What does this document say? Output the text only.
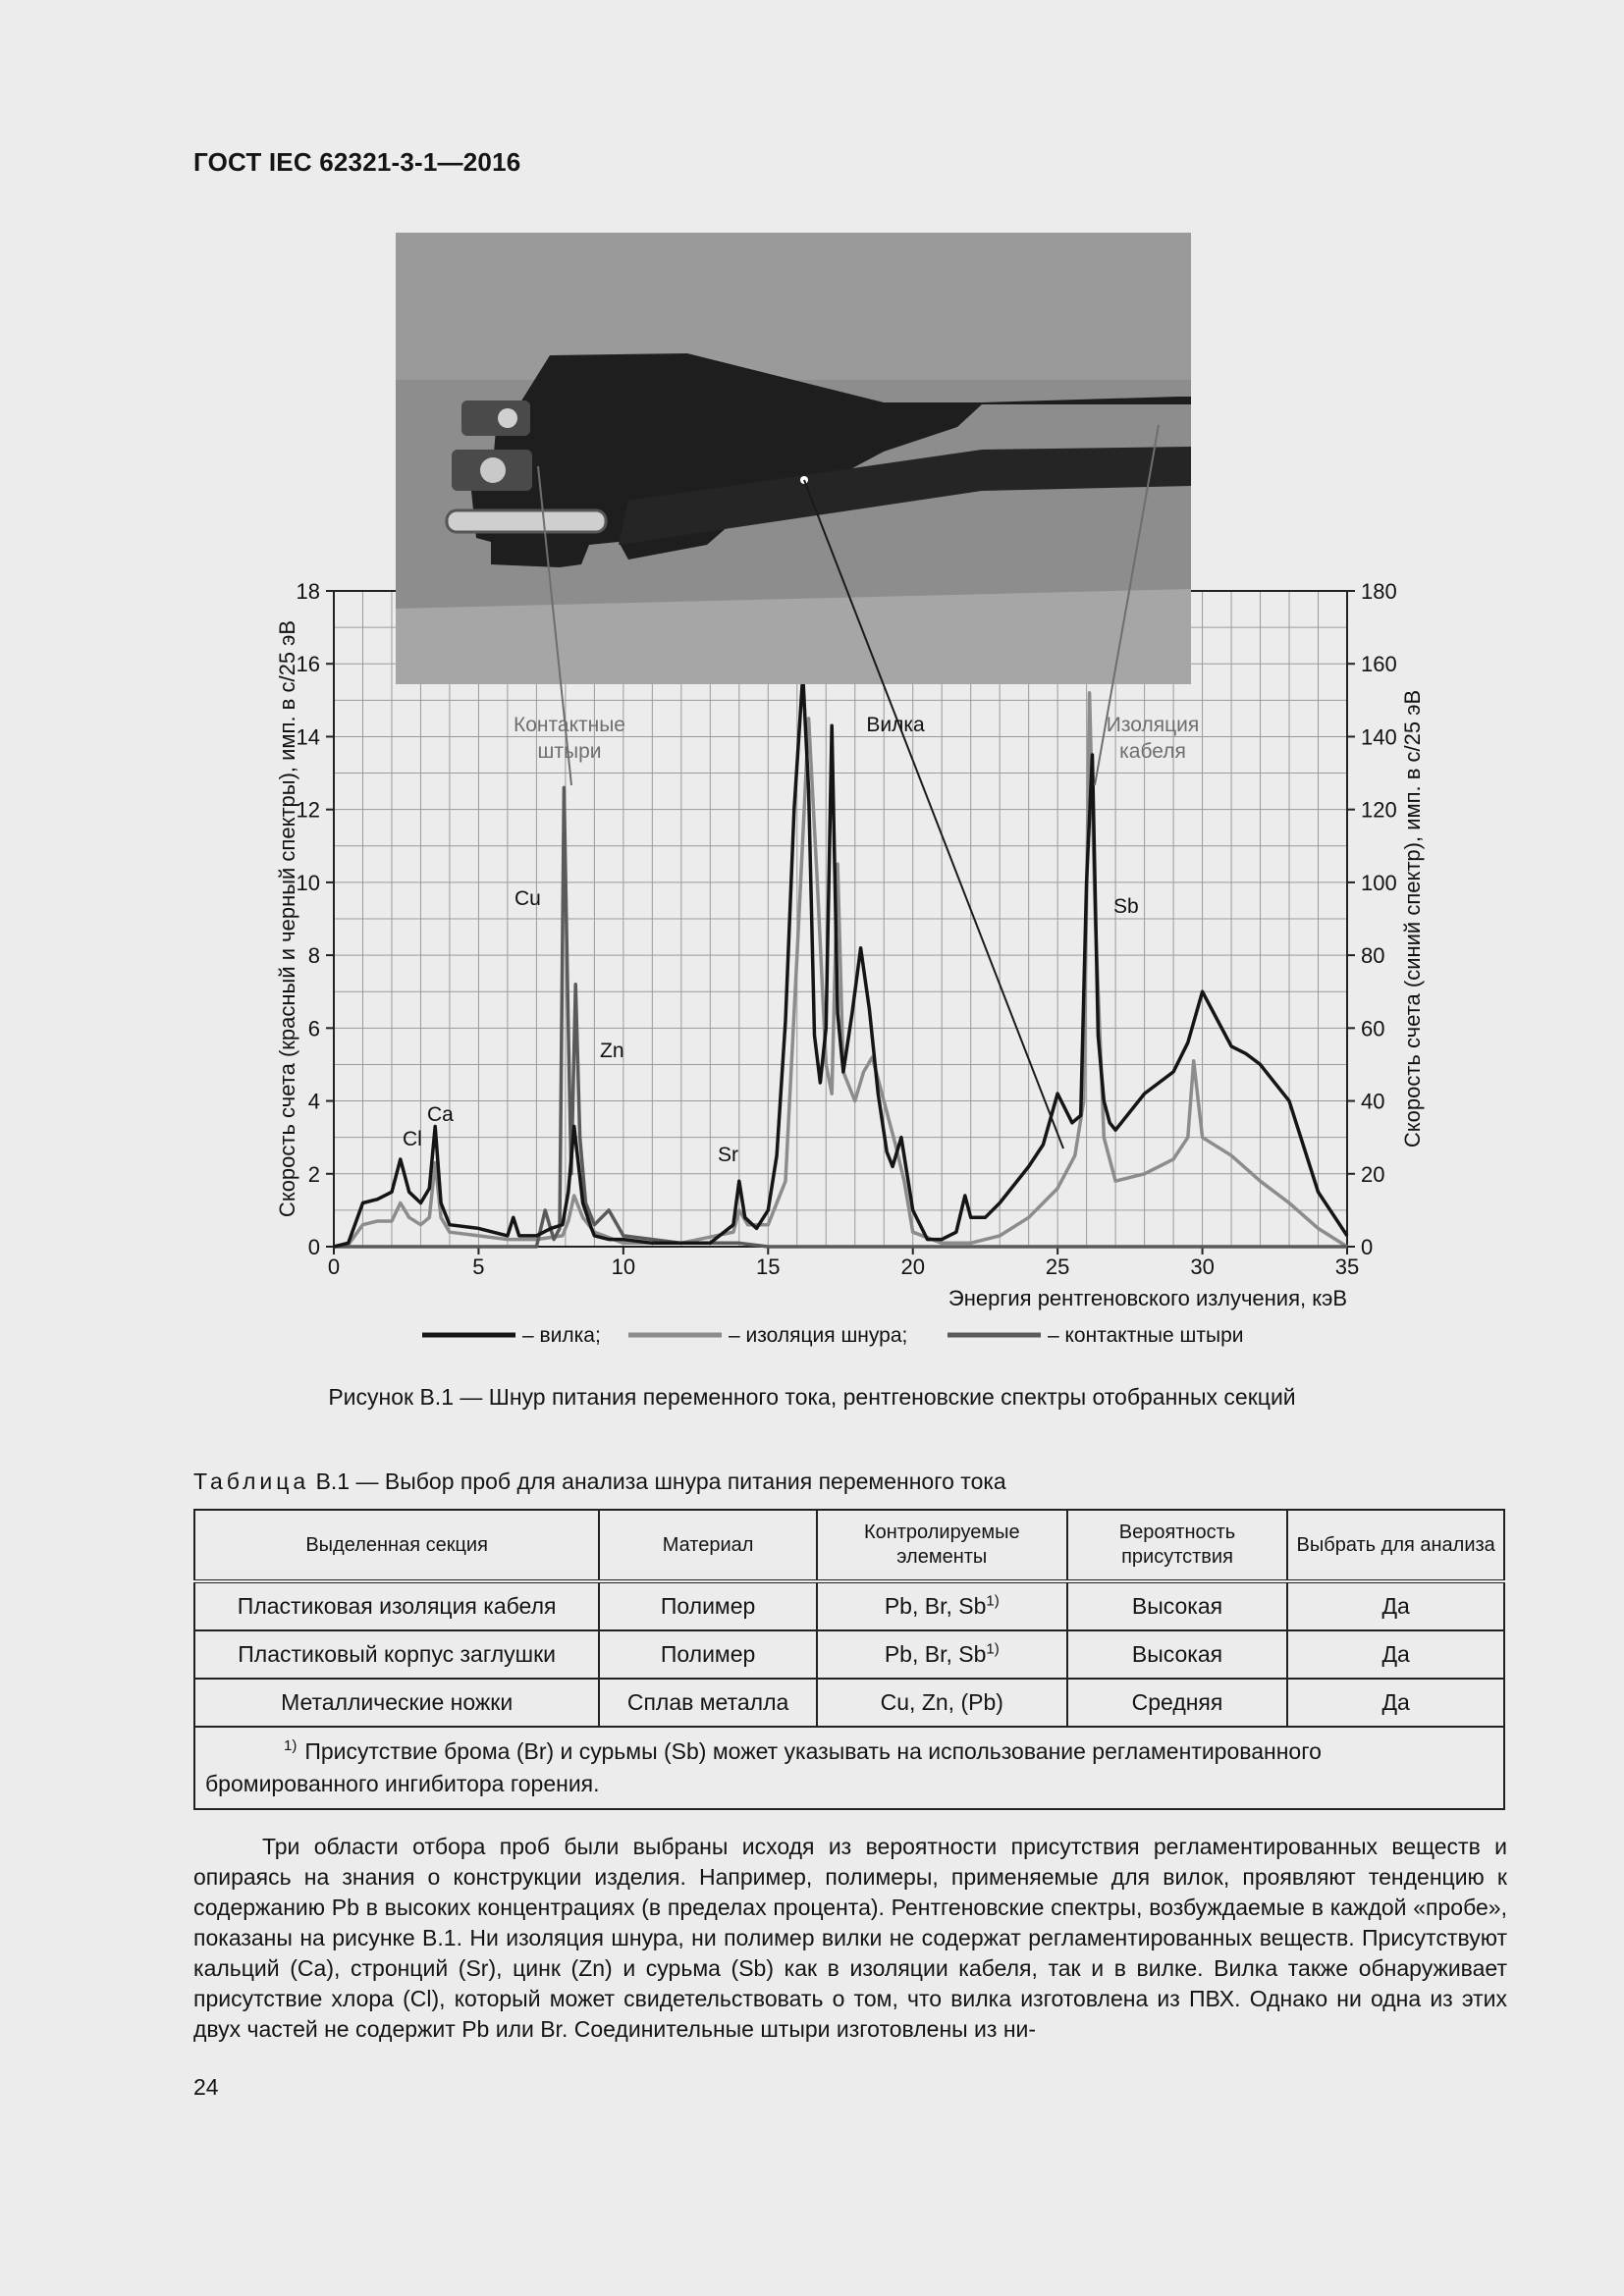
ГОСТ IEC 62321-3-1—2016
0	5	10	15	20	25	30	35
0
2
4
6
8
10
12
14
16
18
0
20
40
60
80
100
120
140
160
180
Контактные
штыри
Вилка	Изоляция
кабеля
Cl
Ca
Cu
Zn
Sr
Sb
Энергия рентгеновского излучения, кэВ
Скорость счета (красный и черный спектры), имп. в с/25 эВ	Скорость счета (синий спектр), имп. в с/25 эВ
– вилка;	– изоляция шнура;	– контактные штыри
Рисунок В.1 — Шнур питания переменного тока, рентгеновские спектры отобранных секций
Таблица В.1 — Выбор проб для анализа шнура питания переменного тока
Выделенная секция	Материал	Контролируемые элементы	Вероятность присутствия	Выбрать для анализа
Пластиковая изоляция кабеля	Полимер	Pb, Br, Sb$^{1)}$	Высокая	Да
Пластиковый корпус заглушки	Полимер	Pb, Br, Sb$^{1)}$	Высокая	Да
Металлические ножки	Сплав металла	Cu, Zn, (Pb)	Средняя	Да
$^{1)}$ Присутствие брома (Br) и сурьмы (Sb) может указывать на использование регламентированного бромированного ингибитора горения.				

Три области отбора проб были выбраны исходя из вероятности присутствия регламентированных веществ и опираясь на знания о конструкции изделия. Например, полимеры, применяемые для вилок, проявляют тенденцию к содержанию Pb в высоких концентрациях (в пределах процента). Рентгеновские спектры, возбуждаемые в каждой «пробе», показаны на рисунке В.1. Ни изоляция шнура, ни полимер вилки не содержат регламентированных веществ. Присутствуют кальций (Ca), стронций (Sr), цинк (Zn) и сурьма (Sb) как в изоляции кабеля, так и в вилке. Вилка также обнаруживает присутствие хлора (Cl), который может свидетельствовать о том, что вилка изготовлена из ПВХ. Однако ни одна из этих двух частей не содержит Pb или Br. Соединительные штыри изготовлены из ни-

24
